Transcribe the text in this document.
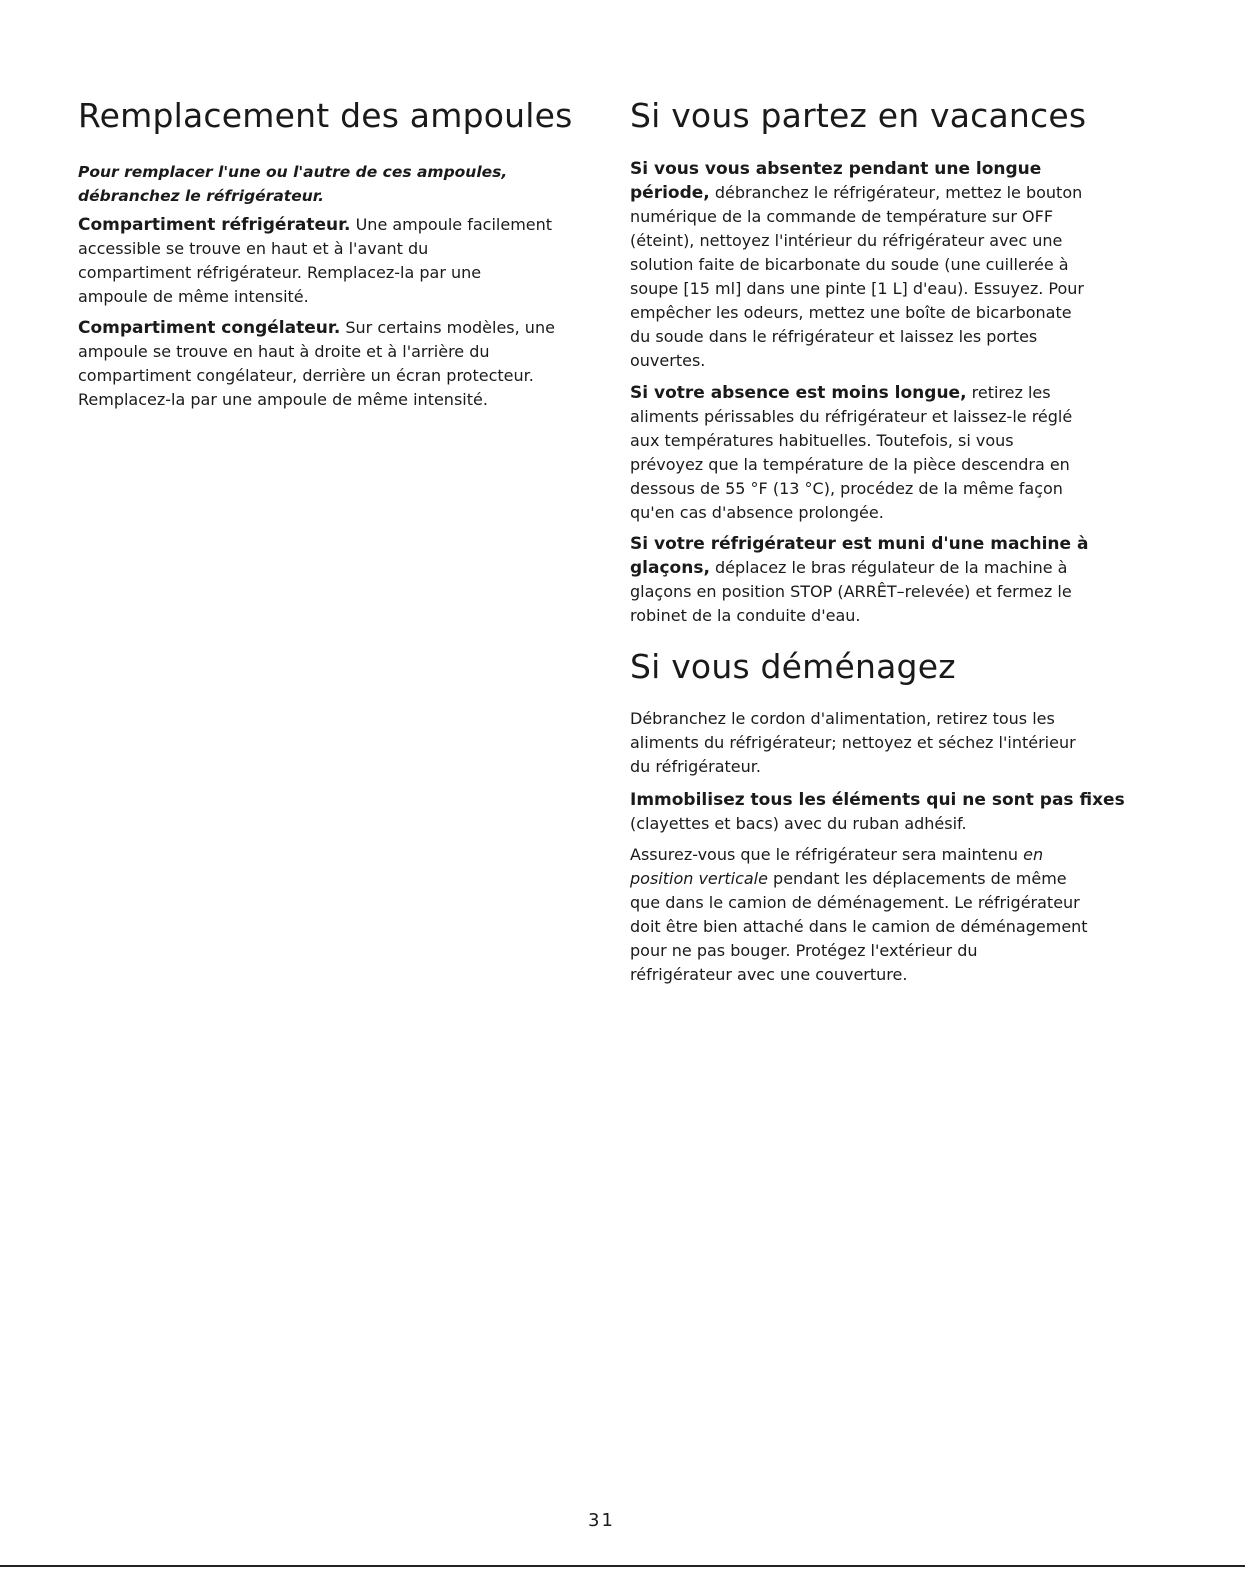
Remplacement des ampoules

Pour remplacer l'une ou l'autre de ces ampoules,
débranchez le réfrigérateur.

Compartiment réfrigérateur. Une ampoule facilement
accessible se trouve en haut et à l'avant du
compartiment réfrigérateur. Remplacez-la par une
ampoule de même intensité.

Compartiment congélateur. Sur certains modèles, une
ampoule se trouve en haut à droite et à l'arrière du
compartiment congélateur, derrière un écran protecteur.
Remplacez-la par une ampoule de même intensité.

Si vous partez en vacances

Si vous vous absentez pendant une longue
période, débranchez le réfrigérateur, mettez le bouton
numérique de la commande de température sur OFF
(éteint), nettoyez l'intérieur du réfrigérateur avec une
solution faite de bicarbonate du soude (une cuillerée à
soupe [15 ml] dans une pinte [1 L] d'eau). Essuyez. Pour
empêcher les odeurs, mettez une boîte de bicarbonate
du soude dans le réfrigérateur et laissez les portes
ouvertes.

Si votre absence est moins longue, retirez les
aliments périssables du réfrigérateur et laissez-le réglé
aux températures habituelles. Toutefois, si vous
prévoyez que la température de la pièce descendra en
dessous de 55 °F (13 °C), procédez de la même façon
qu'en cas d'absence prolongée.

Si votre réfrigérateur est muni d'une machine à
glaçons, déplacez le bras régulateur de la machine à
glaçons en position STOP (ARRÊT–relevée) et fermez le
robinet de la conduite d'eau.

Si vous déménagez

Débranchez le cordon d'alimentation, retirez tous les
aliments du réfrigérateur; nettoyez et séchez l'intérieur
du réfrigérateur.

Immobilisez tous les éléments qui ne sont pas fixes
(clayettes et bacs) avec du ruban adhésif.

Assurez-vous que le réfrigérateur sera maintenu en
position verticale pendant les déplacements de même
que dans le camion de déménagement. Le réfrigérateur
doit être bien attaché dans le camion de déménagement
pour ne pas bouger. Protégez l'extérieur du
réfrigérateur avec une couverture.

31
